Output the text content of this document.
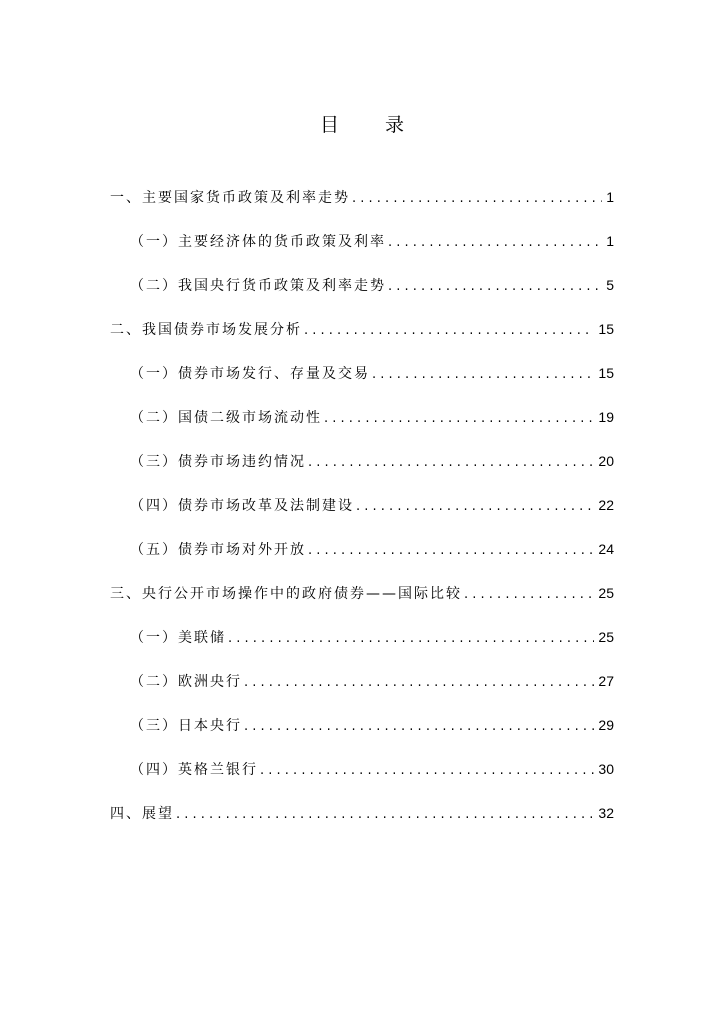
目 录
一、主要国家货币政策及利率走势 . . .	1
（一）主要经济体的货币政策及利率 . . .	1
（二）我国央行货币政策及利率走势 . . .	5
二、我国债券市场发展分析 . . .	15
（一）债券市场发行、存量及交易 . . .	15
（二）国债二级市场流动性 . . .	19
（三）债券市场违约情况 . . .	20
（四）债券市场改革及法制建设 . . .	22
（五）债券市场对外开放 . . .	24
三、央行公开市场操作中的政府债券——国际比较 . . .	25
（一）美联储 . . .	25
（二）欧洲央行 . . .	27
（三）日本央行 . . .	29
（四）英格兰银行 . . .	30
四、展望 . . .	32
